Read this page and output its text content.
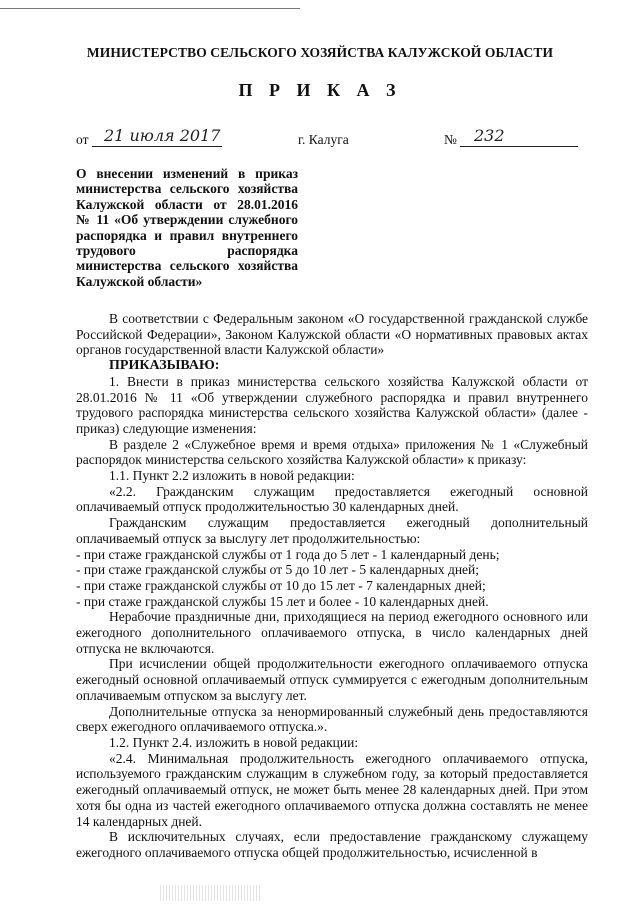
МИНИСТЕРСТВО СЕЛЬСКОГО ХОЗЯЙСТВА КАЛУЖСКОЙ ОБЛАСТИ
П Р И К А З
от 21 июля 2017	г. Калуга	№ 232
О внесении изменений в приказ
министерства сельского хозяйства
Калужской области от 28.01.2016
№ 11 «Об утверждении служебного
распорядка и правил внутреннего
трудового распорядка
министерства сельского хозяйства
Калужской области»

В соответствии с Федеральным законом «О государственной гражданской службе Российской Федерации», Законом Калужской области «О нормативных правовых актах органов государственной власти Калужской области»

ПРИКАЗЫВАЮ:

1. Внести в приказ министерства сельского хозяйства Калужской области от 28.01.2016 № 11 «Об утверждении служебного распорядка и правил внутреннего трудового распорядка министерства сельского хозяйства Калужской области» (далее - приказ) следующие изменения:

В разделе 2 «Служебное время и время отдыха» приложения № 1 «Служебный распорядок министерства сельского хозяйства Калужской области» к приказу:

1.1. Пункт 2.2 изложить в новой редакции:

«2.2. Гражданским служащим предоставляется ежегодный основной оплачиваемый отпуск продолжительностью 30 календарных дней.

Гражданским служащим предоставляется ежегодный дополнительный оплачиваемый отпуск за выслугу лет продолжительностью:

- при стаже гражданской службы от 1 года до 5 лет - 1 календарный день;

- при стаже гражданской службы от 5 до 10 лет - 5 календарных дней;

- при стаже гражданской службы от 10 до 15 лет - 7 календарных дней;

- при стаже гражданской службы 15 лет и более - 10 календарных дней.

Нерабочие праздничные дни, приходящиеся на период ежегодного основного или ежегодного дополнительного оплачиваемого отпуска, в число календарных дней отпуска не включаются.

При исчислении общей продолжительности ежегодного оплачиваемого отпуска ежегодный основной оплачиваемый отпуск суммируется с ежегодным дополнительным оплачиваемым отпуском за выслугу лет.

Дополнительные отпуска за ненормированный служебный день предоставляются сверх ежегодного оплачиваемого отпуска.».

1.2. Пункт 2.4. изложить в новой редакции:

«2.4. Минимальная продолжительность ежегодного оплачиваемого отпуска, используемого гражданским служащим в служебном году, за который предоставляется ежегодный оплачиваемый отпуск, не может быть менее 28 календарных дней. При этом хотя бы одна из частей ежегодного оплачиваемого отпуска должна составлять не менее 14 календарных дней.

В исключительных случаях, если предоставление гражданскому служащему ежегодного оплачиваемого отпуска общей продолжительностью, исчисленной в
